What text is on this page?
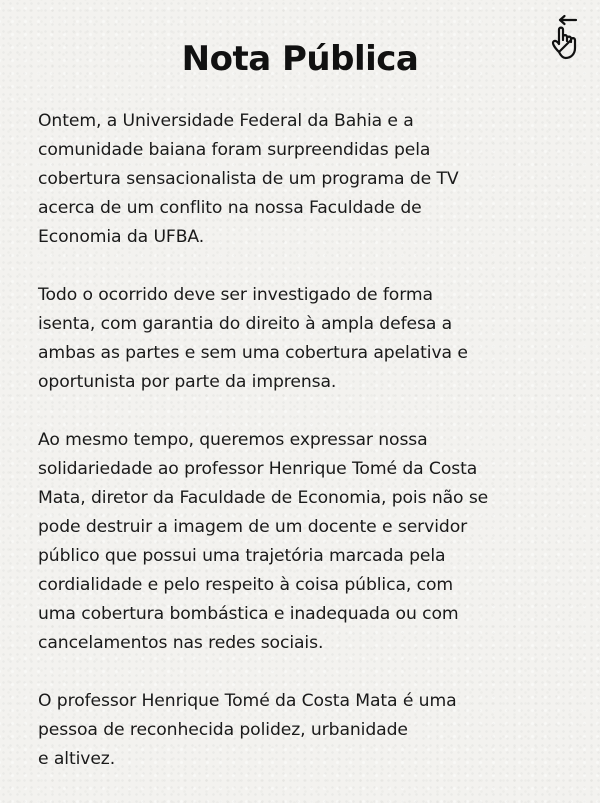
Nota Pública

Ontem, a Universidade Federal da Bahia e a
comunidade baiana foram surpreendidas pela
cobertura sensacionalista de um programa de TV
acerca de um conflito na nossa Faculdade de
Economia da UFBA.

Todo o ocorrido deve ser investigado de forma
isenta, com garantia do direito à ampla defesa a
ambas as partes e sem uma cobertura apelativa e
oportunista por parte da imprensa.

Ao mesmo tempo, queremos expressar nossa
solidariedade ao professor Henrique Tomé da Costa
Mata, diretor da Faculdade de Economia, pois não se
pode destruir a imagem de um docente e servidor
público que possui uma trajetória marcada pela
cordialidade e pelo respeito à coisa pública, com
uma cobertura bombástica e inadequada ou com
cancelamentos nas redes sociais.

O professor Henrique Tomé da Costa Mata é uma
pessoa de reconhecida polidez, urbanidade
e altivez.
